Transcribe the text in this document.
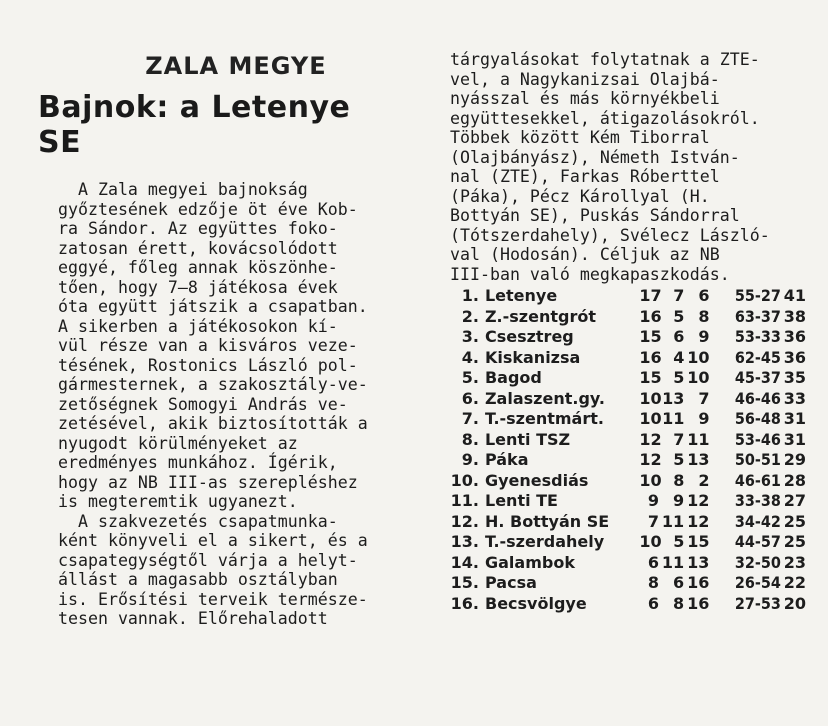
ZALA MEGYE
Bajnok: a Letenye SE
A Zala megyei bajnokság
győztesének edzője öt éve Kob-
ra Sándor. Az együttes foko-
zatosan érett, kovácsolódott
eggyé, főleg annak köszönhe-
tően, hogy 7—8 játékosa évek
óta együtt játszik a csapatban.
A sikerben a játékosokon kí-
vül része van a kisváros veze-
tésének, Rostonics László pol-
gármesternek, a szakosztály-ve-
zetőségnek Somogyi András ve-
zetésével, akik biztosították a
nyugodt körülményeket az
eredményes munkához. Ígérik,
hogy az NB III-as szerepléshez
is megteremtik ugyanezt.
A szakvezetés csapatmunka-
ként könyveli el a sikert, és a
csapategységtől várja a helyt-
állást a magasabb osztályban
is. Erősítési terveik természe-
tesen vannak. Előrehaladott
tárgyalásokat folytatnak a ZTE-
vel, a Nagykanizsai Olajbá-
nyásszal és más környékbeli
együttesekkel, átigazolásokról.
Többek között Kém Tiborral
(Olajbányász), Németh István-
nal (ZTE), Farkas Róberttel
(Páka), Pécz Károllyal (H.
Bottyán SE), Puskás Sándorral
(Tótszerdahely), Svélecz László-
val (Hodosán). Céljuk az NB
III-ban való megkapaszkodás.
1. Letenye	17 7 6	55-27 41
2. Z.-szentgrót	16 5 8	63-37 38
3. Csesztreg	15 6 9	53-33 36
4. Kiskanizsa	16 4 10	62-45 36
5. Bagod	15 5 10	45-37 35
6. Zalaszent.gy.	10 13 7	46-46 33
7. T.-szentmárt.	10 11 9	56-48 31
8. Lenti TSZ	12 7 11	53-46 31
9. Páka	12 5 13	50-51 29
10. Gyenesdiás	10 8 2	46-61 28
11. Lenti TE	9 9 12	33-38 27
12. H. Bottyán SE	7 11 12	34-42 25
13. T.-szerdahely	10 5 15	44-57 25
14. Galambok	6 11 13	32-50 23
15. Pacsa	8 6 16	26-54 22
16. Becsvölgye	6 8 16	27-53 20
